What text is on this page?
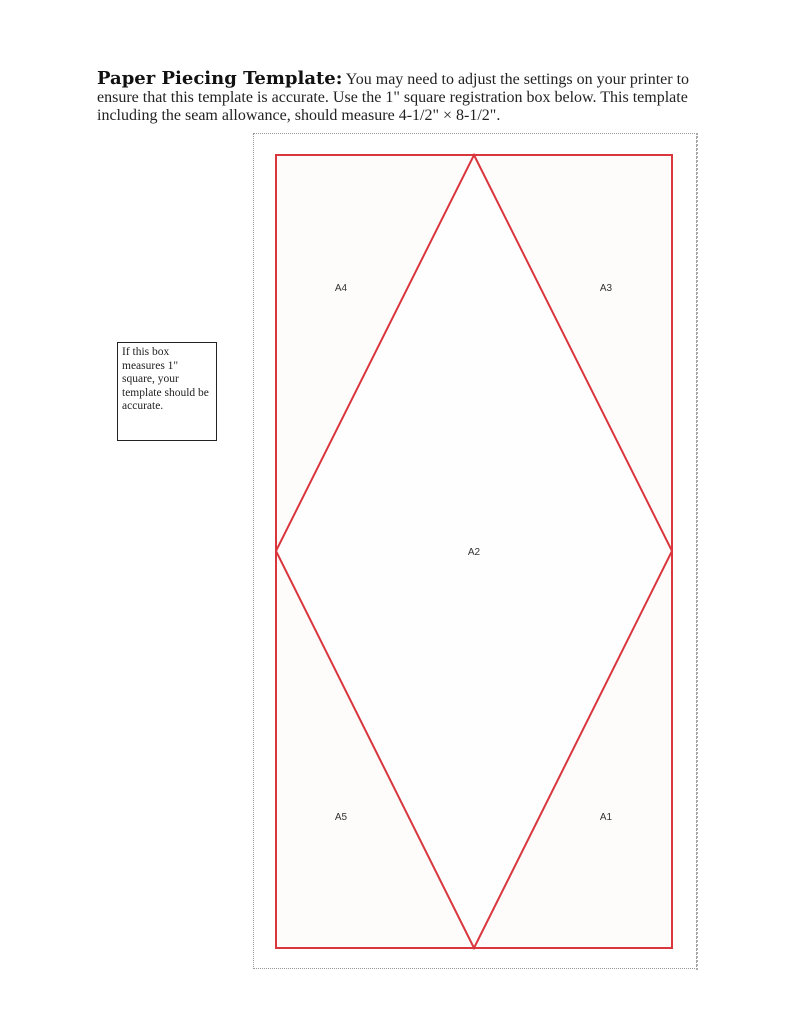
Paper Piecing Template: You may need to adjust the settings on your printer to ensure that this template is accurate. Use the 1" square registration box below. This template including the seam allowance, should measure 4-1/2" × 8-1/2".
If this box measures 1" square, your template should be accurate.
A4	A3
A2
A5	A1
